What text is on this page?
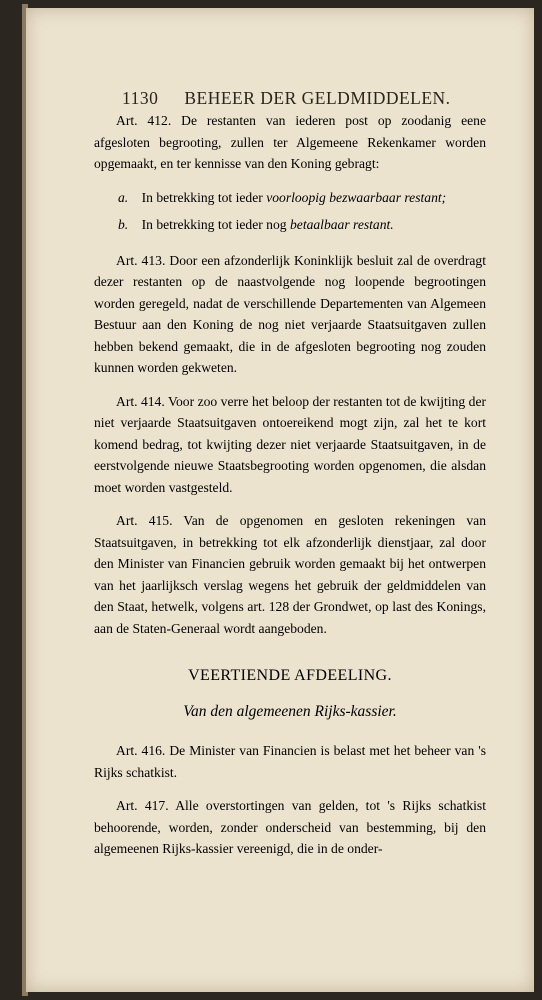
1130 BEHEER DER GELDMIDDELEN.

Art. 412. De restanten van iederen post op zoodanig eene afgesloten begrooting, zullen ter Algemeene Rekenkamer worden opgemaakt, en ter kennisse van den Koning gebragt:

a. In betrekking tot ieder voorloopig bezwaarbaar restant;
b. In betrekking tot ieder nog betaalbaar restant.

Art. 413. Door een afzonderlijk Koninklijk besluit zal de overdragt dezer restanten op de naastvolgende nog loopende begrootingen worden geregeld, nadat de verschillende Departementen van Algemeen Bestuur aan den Koning de nog niet verjaarde Staatsuitgaven zullen hebben bekend gemaakt, die in de afgesloten begrooting nog zouden kunnen worden gekweten.

Art. 414. Voor zoo verre het beloop der restanten tot de kwijting der niet verjaarde Staatsuitgaven ontoereikend mogt zijn, zal het te kort komend bedrag, tot kwijting dezer niet verjaarde Staatsuitgaven, in de eerstvolgende nieuwe Staatsbegrooting worden opgenomen, die alsdan moet worden vastgesteld.

Art. 415. Van de opgenomen en gesloten rekeningen van Staatsuitgaven, in betrekking tot elk afzonderlijk dienstjaar, zal door den Minister van Financien gebruik worden gemaakt bij het ontwerpen van het jaarlijksch verslag wegens het gebruik der geldmiddelen van den Staat, hetwelk, volgens art. 128 der Grondwet, op last des Konings, aan de Staten-Generaal wordt aangeboden.

VEERTIENDE AFDEELING.
Van den algemeenen Rijks-kassier.

Art. 416. De Minister van Financien is belast met het beheer van 's Rijks schatkist.

Art. 417. Alle overstortingen van gelden, tot 's Rijks schatkist behoorende, worden, zonder onderscheid van bestemming, bij den algemeenen Rijks-kassier vereenigd, die in de onder-
